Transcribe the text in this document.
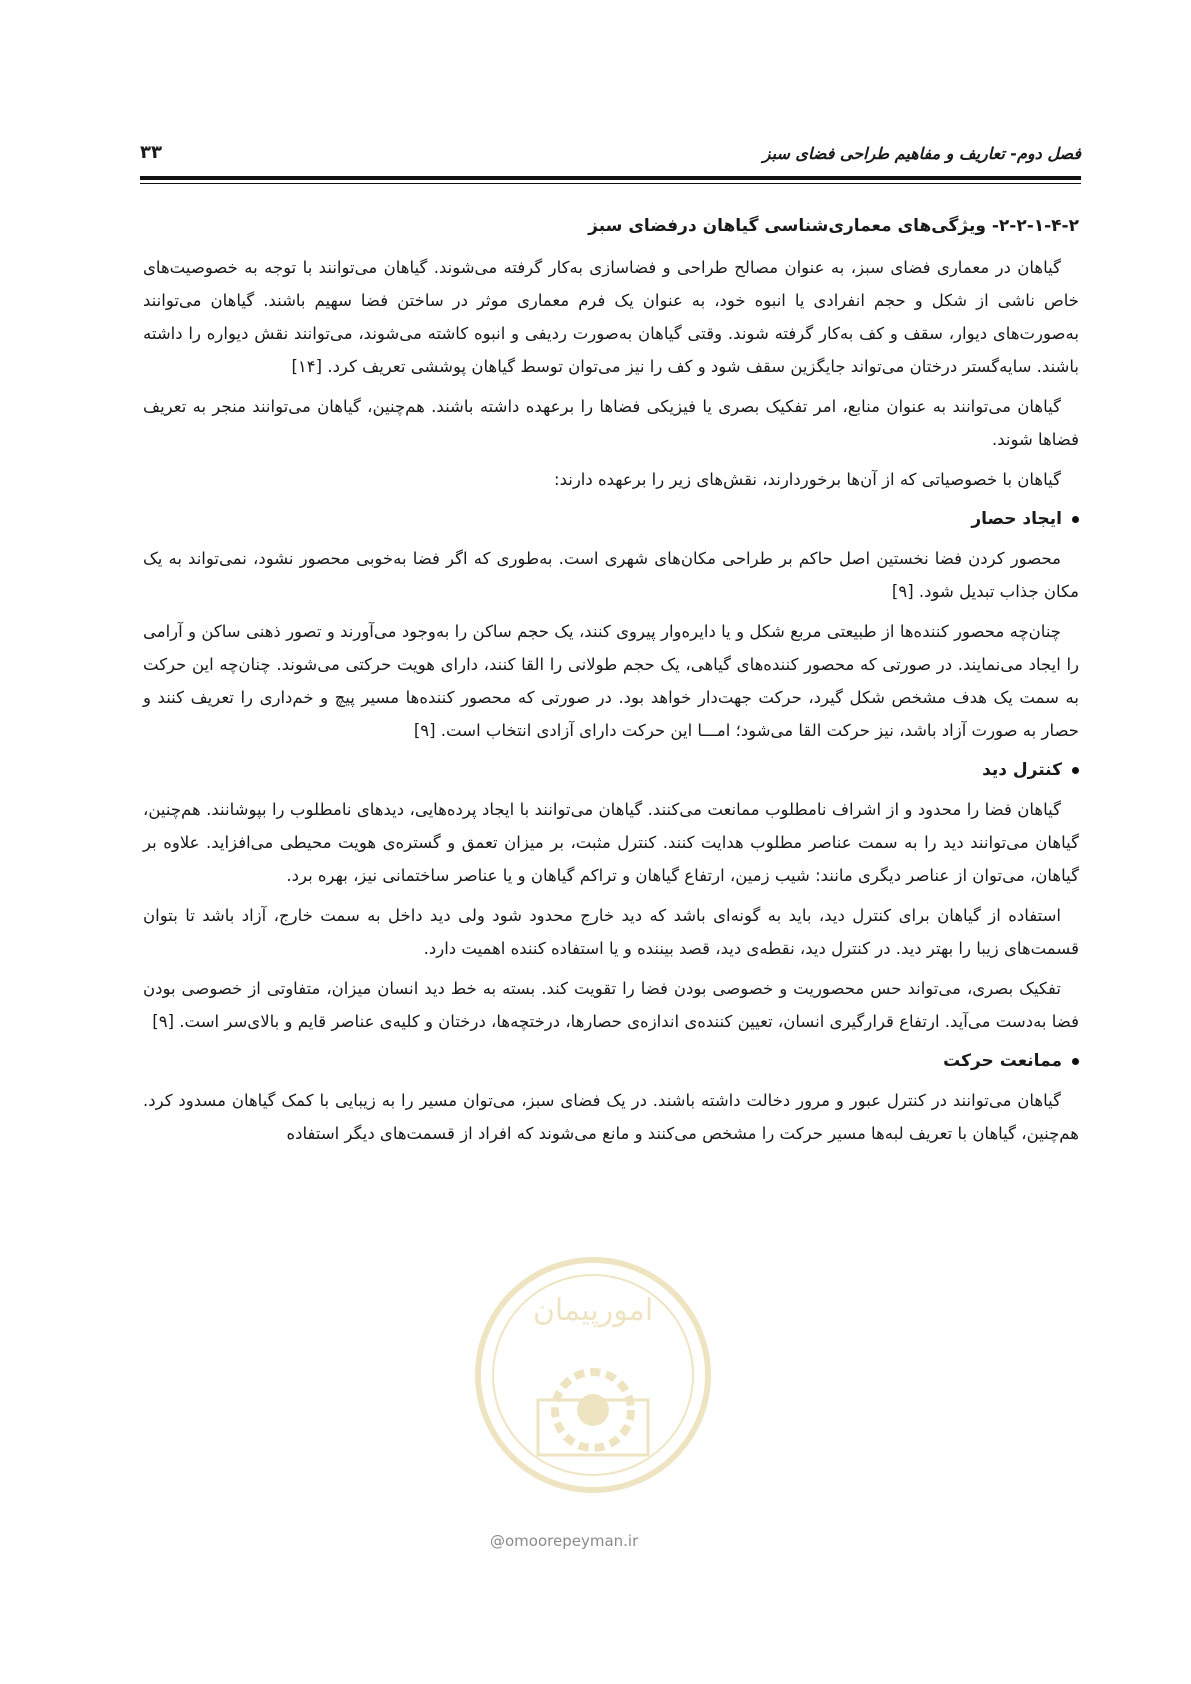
فصل دوم- تعاریف و مفاهیم طراحی فضای سبز
۳۳
۲-۲-۱-۴-۲- ویژگی‌های معماری‌شناسی گیاهان درفضای سبز

گیاهان در معماری فضای سبز، به عنوان مصالح طراحی و فضاسازی به‌کار گرفته می‌شوند. گیاهان می‌توانند با توجه به خصوصیت‌های خاص ناشی از شکل و حجم انفرادی یا انبوه خود، به عنوان یک فرم معماری موثر در ساختن فضا سهیم باشند. گیاهان می‌توانند به‌صورت‌های دیوار، سقف و کف به‌کار گرفته شوند. وقتی گیاهان به‌صورت ردیفی و انبوه کاشته می‌شوند، می‌توانند نقش دیواره را داشته باشند. سایه‌گستر درختان می‌تواند جایگزین سقف شود و کف را نیز می‌توان توسط گیاهان پوششی تعریف کرد. [۱۴]

گیاهان می‌توانند به عنوان منابع، امر تفکیک بصری یا فیزیکی فضاها را برعهده داشته باشند. هم‌چنین، گیاهان می‌توانند منجر به تعریف فضاها شوند.

گیاهان با خصوصیاتی که از آن‌ها برخوردارند، نقش‌های زیر را برعهده دارند:

ایجاد حصار

محصور کردن فضا نخستین اصل حاکم بر طراحی مکان‌های شهری است. به‌طوری که اگر فضا به‌خوبی محصور نشود، نمی‌تواند به یک مکان جذاب تبدیل شود. [۹]

چنان‌چه محصور کننده‌ها از طبیعتی مربع شکل و یا دایره‌وار پیروی کنند، یک حجم ساکن را به‌وجود می‌آورند و تصور ذهنی ساکن و آرامی را ایجاد می‌نمایند. در صورتی که محصور کننده‌های گیاهی، یک حجم طولانی را القا کنند، دارای هویت حرکتی می‌شوند. چنان‌چه این حرکت به سمت یک هدف مشخص شکل گیرد، حرکت جهت‌دار خواهد بود. در صورتی که محصور کننده‌ها مسیر پیچ و خم‌داری را تعریف کنند و حصار به صورت آزاد باشد، نیز حرکت القا می‌شود؛ امـــا این حرکت دارای آزادی انتخاب است. [۹]

کنترل دید

گیاهان فضا را محدود و از اشراف نامطلوب ممانعت می‌کنند. گیاهان می‌توانند با ایجاد پرده‌هایی، دیدهای نامطلوب را بپوشانند. هم‌چنین، گیاهان می‌توانند دید را به سمت عناصر مطلوب هدایت کنند. کنترل مثبت، بر میزان تعمق و گستره‌ی هویت محیطی می‌افزاید. علاوه بر گیاهان، می‌توان از عناصر دیگری مانند: شیب زمین، ارتفاع گیاهان و تراکم گیاهان و یا عناصر ساختمانی نیز، بهره برد.

استفاده از گیاهان برای کنترل دید، باید به گونه‌ای باشد که دید خارج محدود شود ولی دید داخل به سمت خارج، آزاد باشد تا بتوان قسمت‌های زیبا را بهتر دید. در کنترل دید، نقطه‌ی دید، قصد بیننده و یا استفاده کننده اهمیت دارد.

تفکیک بصری، می‌تواند حس محصوریت و خصوصی بودن فضا را تقویت کند. بسته به خط دید انسان میزان، متفاوتی از خصوصی بودن فضا به‌دست می‌آید. ارتفاع قرارگیری انسان، تعیین کننده‌ی اندازه‌ی حصارها، درختچه‌ها، درختان و کلیه‌ی عناصر قایم و بالای‌سر است. [۹]

ممانعت حرکت

گیاهان می‌توانند در کنترل عبور و مرور دخالت داشته باشند. در یک فضای سبز، می‌توان مسیر را به زیبایی با کمک گیاهان مسدود کرد. هم‌چنین، گیاهان با تعریف لبه‌ها مسیر حرکت را مشخص می‌کنند و مانع می‌شوند که افراد از قسمت‌های دیگر استفاده

امورپیمان
@omoorepeyman.ir
